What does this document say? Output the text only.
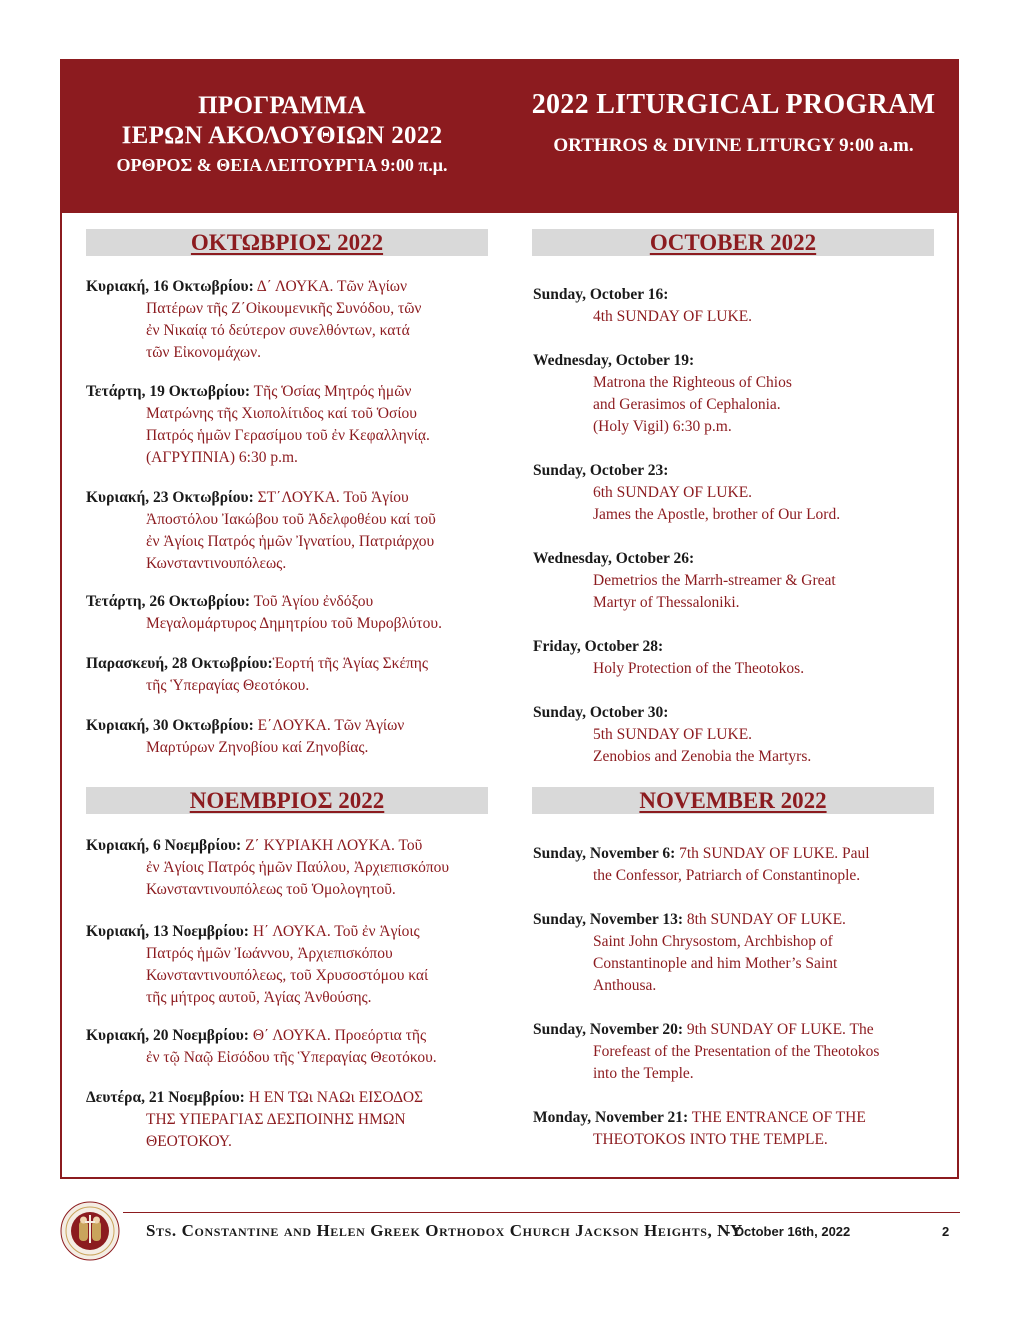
ΠΡΟΓΡΑΜΜΑ
ΙΕΡΩΝ ΑΚΟΛΟΥΘΙΩΝ 2022
ΟΡΘΡΟΣ & ΘΕΙΑ ΛΕΙΤΟΥΡΓΙΑ 9:00 π.μ.
2022 LITURGICAL PROGRAM
ORTHROS & DIVINE LITURGY 9:00 a.m.
ΟΚΤΩΒΡΙΟΣ 2022	OCTOBER 2022
ΝΟΕΜΒΡΙΟΣ 2022	NOVEMBER 2022
Κυριακή, 16 Οκτωβρίου: Δ΄ ΛΟΥΚΑ. Τῶν Ἁγίων
Πατέρων τῆς Ζ΄Οἰκουμενικῆς Συνόδου, τῶν
ἐν Νικαίᾳ τό δεύτερον συνελθόντων, κατά
τῶν Εἰκονομάχων.
Τετάρτη, 19 Οκτωβρίου: Τῆς Ὁσίας Μητρός ἡμῶν
Ματρώνης τῆς Χιοπολίτιδος καί τοῦ Ὁσίου
Πατρός ἡμῶν Γερασίμου τοῦ ἐν Κεφαλληνίᾳ.
(ΑΓΡΥΠΝΙΑ) 6:30 p.m.
Κυριακή, 23 Οκτωβρίου: ΣΤ΄ΛΟΥΚΑ. Τοῦ Ἁγίου
Ἀποστόλου Ἰακώβου τοῦ Ἀδελφοθέου καί τοῦ
ἐν Ἁγίοις Πατρός ἡμῶν Ἰγνατίου, Πατριάρχου
Κωνσταντινουπόλεως.
Τετάρτη, 26 Οκτωβρίου: Τοῦ Ἁγίου ἐνδόξου
Μεγαλομάρτυρος Δημητρίου τοῦ Μυροβλύτου.
Παρασκευή, 28 Οκτωβρίου:Ἑορτή τῆς Ἁγίας Σκέπης
τῆς Ὑπεραγίας Θεοτόκου.
Κυριακή, 30 Οκτωβρίου: Ε΄ΛΟΥΚΑ. Τῶν Ἁγίων
Μαρτύρων Ζηνοβίου καί Ζηνοβίας.
Κυριακή, 6 Νοεμβρίου: Ζ΄ ΚΥΡΙΑΚΗ ΛΟΥΚΑ. Τοῦ
ἐν Ἁγίοις Πατρός ἡμῶν Παύλου, Ἀρχιεπισκόπου
Κωνσταντινουπόλεως τοῦ Ὁμολογητοῦ.
Κυριακή, 13 Νοεμβρίου: Η΄ ΛΟΥΚΑ. Τοῦ ἐν Ἁγίοις
Πατρός ἡμῶν Ἰωάννου, Ἀρχιεπισκόπου
Κωνσταντινουπόλεως, τοῦ Χρυσοστόμου καί
τῆς μήτρος αυτοῦ, Ἁγίας Ἀνθούσης.
Κυριακή, 20 Νοεμβρίου: Θ΄ ΛΟΥΚΑ. Προεόρτια τῆς
ἐν τῷ Ναῷ Εἰσόδου τῆς Ὑπεραγίας Θεοτόκου.
Δευτέρα, 21 Νοεμβρίου: Η ΕΝ ΤΩι ΝΑΩι ΕΙΣΟΔΟΣ
ΤΗΣ ΥΠΕΡΑΓΙΑΣ ΔΕΣΠΟΙΝΗΣ ΗΜΩΝ
ΘΕΟΤΟΚΟΥ.
Sunday, October 16:
4th SUNDAY OF LUKE.
Wednesday, October 19:
Matrona the Righteous of Chios
and Gerasimos of Cephalonia.
(Holy Vigil) 6:30 p.m.
Sunday, October 23:
6th SUNDAY OF LUKE.
James the Apostle, brother of Our Lord.
Wednesday, October 26:
Demetrios the Marrh-streamer & Great
Martyr of Thessaloniki.
Friday, October 28:
Holy Protection of the Theotokos.
Sunday, October 30:
5th SUNDAY OF LUKE.
Zenobios and Zenobia the Martyrs.
Sunday, November 6: 7th SUNDAY OF LUKE. Paul
the Confessor, Patriarch of Constantinople.
Sunday, November 13: 8th SUNDAY OF LUKE.
Saint John Chrysostom, Archbishop of
Constantinople and him Mother’s Saint
Anthousa.
Sunday, November 20: 9th SUNDAY OF LUKE. The
Forefeast of the Presentation of the Theotokos
into the Temple.
Monday, November 21: THE ENTRANCE OF THE
THEOTOKOS INTO THE TEMPLE.
Sts. Constantine and Helen Greek Orthodox Church Jackson Heights, NY
- October 16th, 2022	2
